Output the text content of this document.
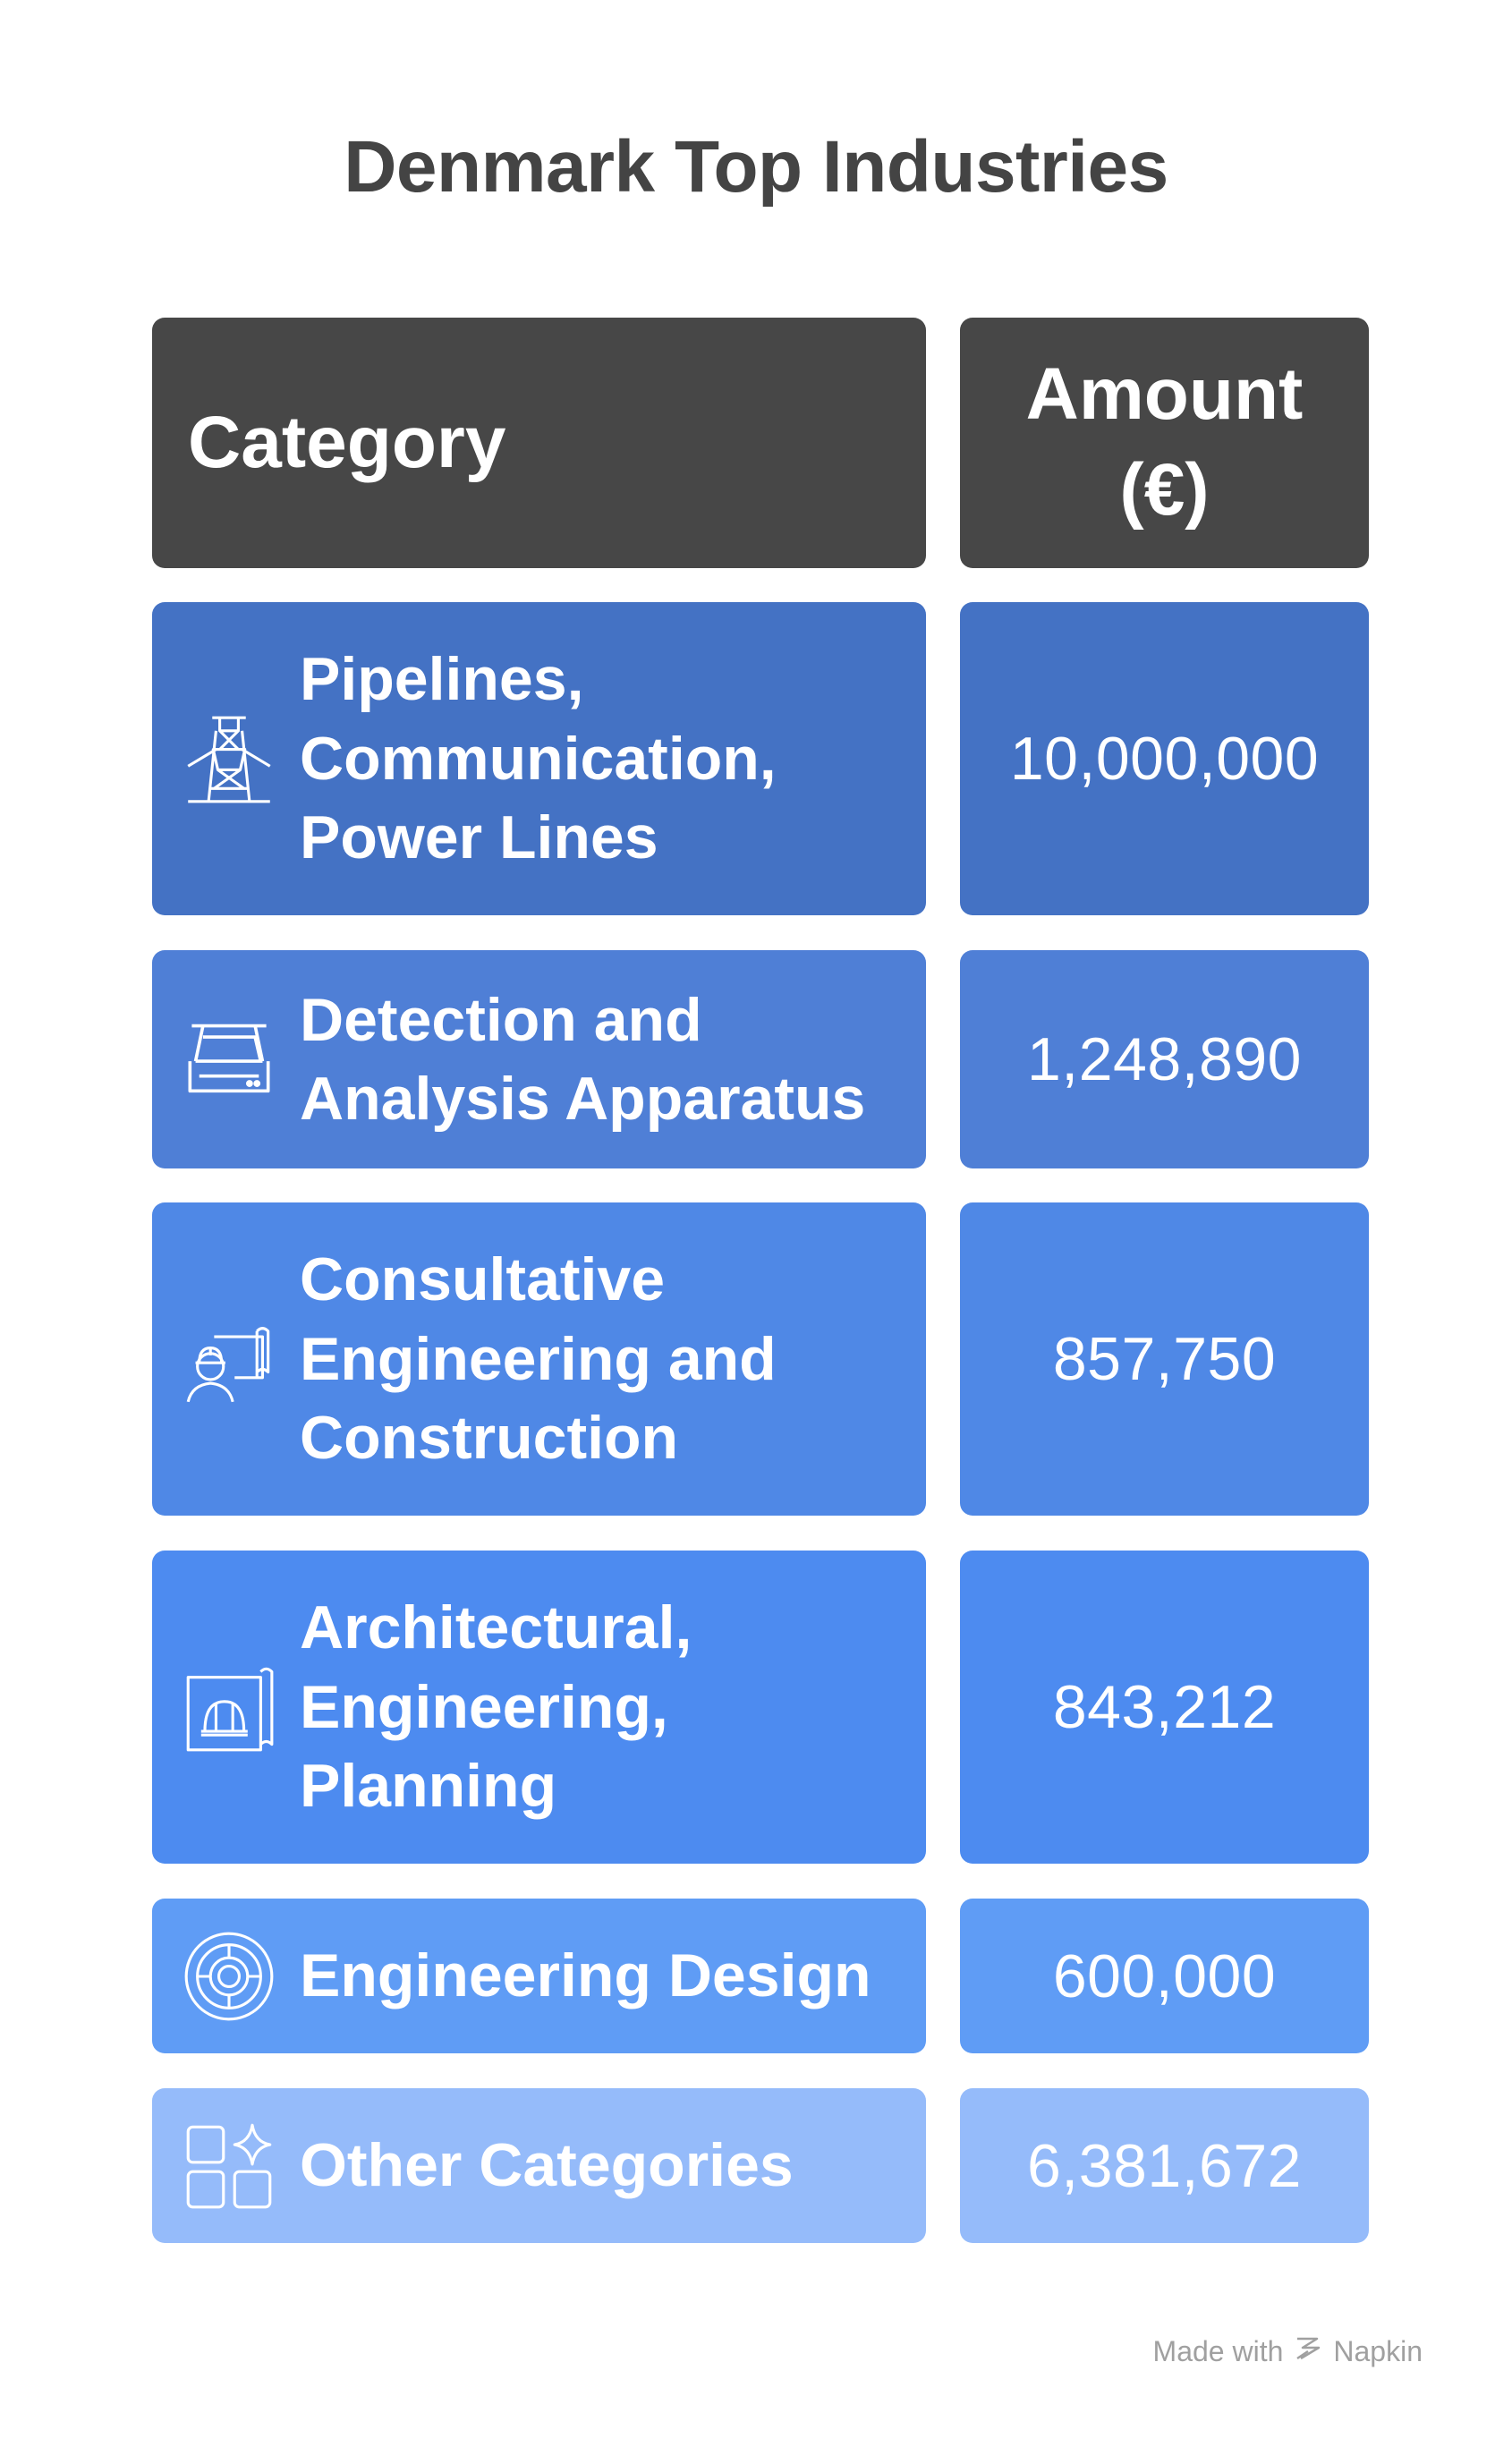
Denmark Top Industries
Category
Amount (€)
Pipelines, Communication, Power Lines
10,000,000
Detection and Analysis Apparatus
1,248,890
Consultative Engineering and Construction
857,750
Architectural, Engineering, Planning
843,212
Engineering Design	600,000
Other Categories	6,381,672
Made with Napkin
